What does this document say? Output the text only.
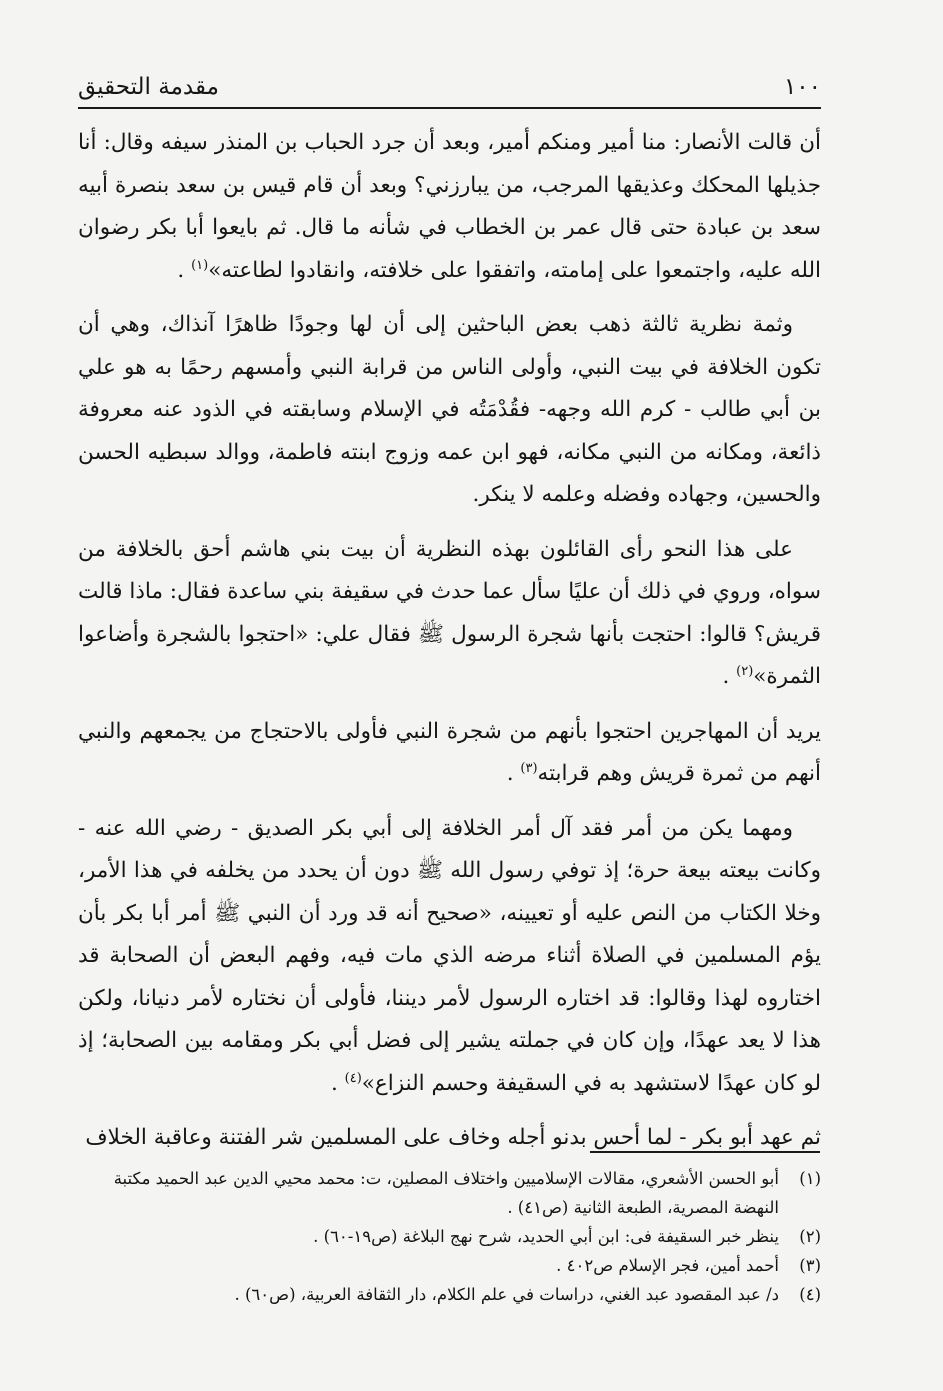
١٠٠
مقدمة التحقيق

أن قالت الأنصار: منا أمير ومنكم أمير، وبعد أن جرد الحباب بن المنذر سيفه وقال: أنا جذيلها المحكك وعذيقها المرجب، من يبارزني؟ وبعد أن قام قيس بن سعد بنصرة أبيه سعد بن عبادة حتى قال عمر بن الخطاب في شأنه ما قال. ثم بايعوا أبا بكر رضوان الله عليه، واجتمعوا على إمامته، واتفقوا على خلافته، وانقادوا لطاعته»$^{(١)}$ .

وثمة نظرية ثالثة ذهب بعض الباحثين إلى أن لها وجودًا ظاهرًا آنذاك، وهي أن تكون الخلافة في بيت النبي، وأولى الناس من قرابة النبي وأمسهم رحمًا به هو علي بن أبي طالب - كرم الله وجهه- فقُدْمَتُه في الإسلام وسابقته في الذود عنه معروفة ذائعة، ومكانه من النبي مكانه، فهو ابن عمه وزوج ابنته فاطمة، ووالد سبطيه الحسن والحسين، وجهاده وفضله وعلمه لا ينكر.

على هذا النحو رأى القائلون بهذه النظرية أن بيت بني هاشم أحق بالخلافة من سواه، وروي في ذلك أن عليًا سأل عما حدث في سقيفة بني ساعدة فقال: ماذا قالت قريش؟ قالوا: احتجت بأنها شجرة الرسول ﷺ فقال علي: «احتجوا بالشجرة وأضاعوا الثمرة»$^{(٢)}$ .

يريد أن المهاجرين احتجوا بأنهم من شجرة النبي فأولى بالاحتجاج من يجمعهم والنبي أنهم من ثمرة قريش وهم قرابته$^{(٣)}$ .

ومهما يكن من أمر فقد آل أمر الخلافة إلى أبي بكر الصديق - رضي الله عنه - وكانت بيعته بيعة حرة؛ إذ توفي رسول الله ﷺ دون أن يحدد من يخلفه في هذا الأمر، وخلا الكتاب من النص عليه أو تعيينه، «صحيح أنه قد ورد أن النبي ﷺ أمر أبا بكر بأن يؤم المسلمين في الصلاة أثناء مرضه الذي مات فيه، وفهم البعض أن الصحابة قد اختاروه لهذا وقالوا: قد اختاره الرسول لأمر ديننا، فأولى أن نختاره لأمر دنيانا، ولكن هذا لا يعد عهدًا، وإن كان في جملته يشير إلى فضل أبي بكر ومقامه بين الصحابة؛ إذ لو كان عهدًا لاستشهد به في السقيفة وحسم النزاع»$^{(٤)}$ .

ثم عهد أبو بكر - لما أحس بدنو أجله وخاف على المسلمين شر الفتنة وعاقبة الخلاف

(١)
أبو الحسن الأشعري، مقالات الإسلاميين واختلاف المصلين، ت: محمد محيي الدين عبد الحميد مكتبة النهضة المصرية، الطبعة الثانية (ص٤١) .
(٢)
ينظر خبر السقيفة فى: ابن أبي الحديد، شرح نهج البلاغة (ص١٩-٦٠) .
(٣)
أحمد أمين، فجر الإسلام ص٤٠٢ .
(٤)
د/ عبد المقصود عبد الغني، دراسات في علم الكلام، دار الثقافة العربية، (ص٦٠) .
